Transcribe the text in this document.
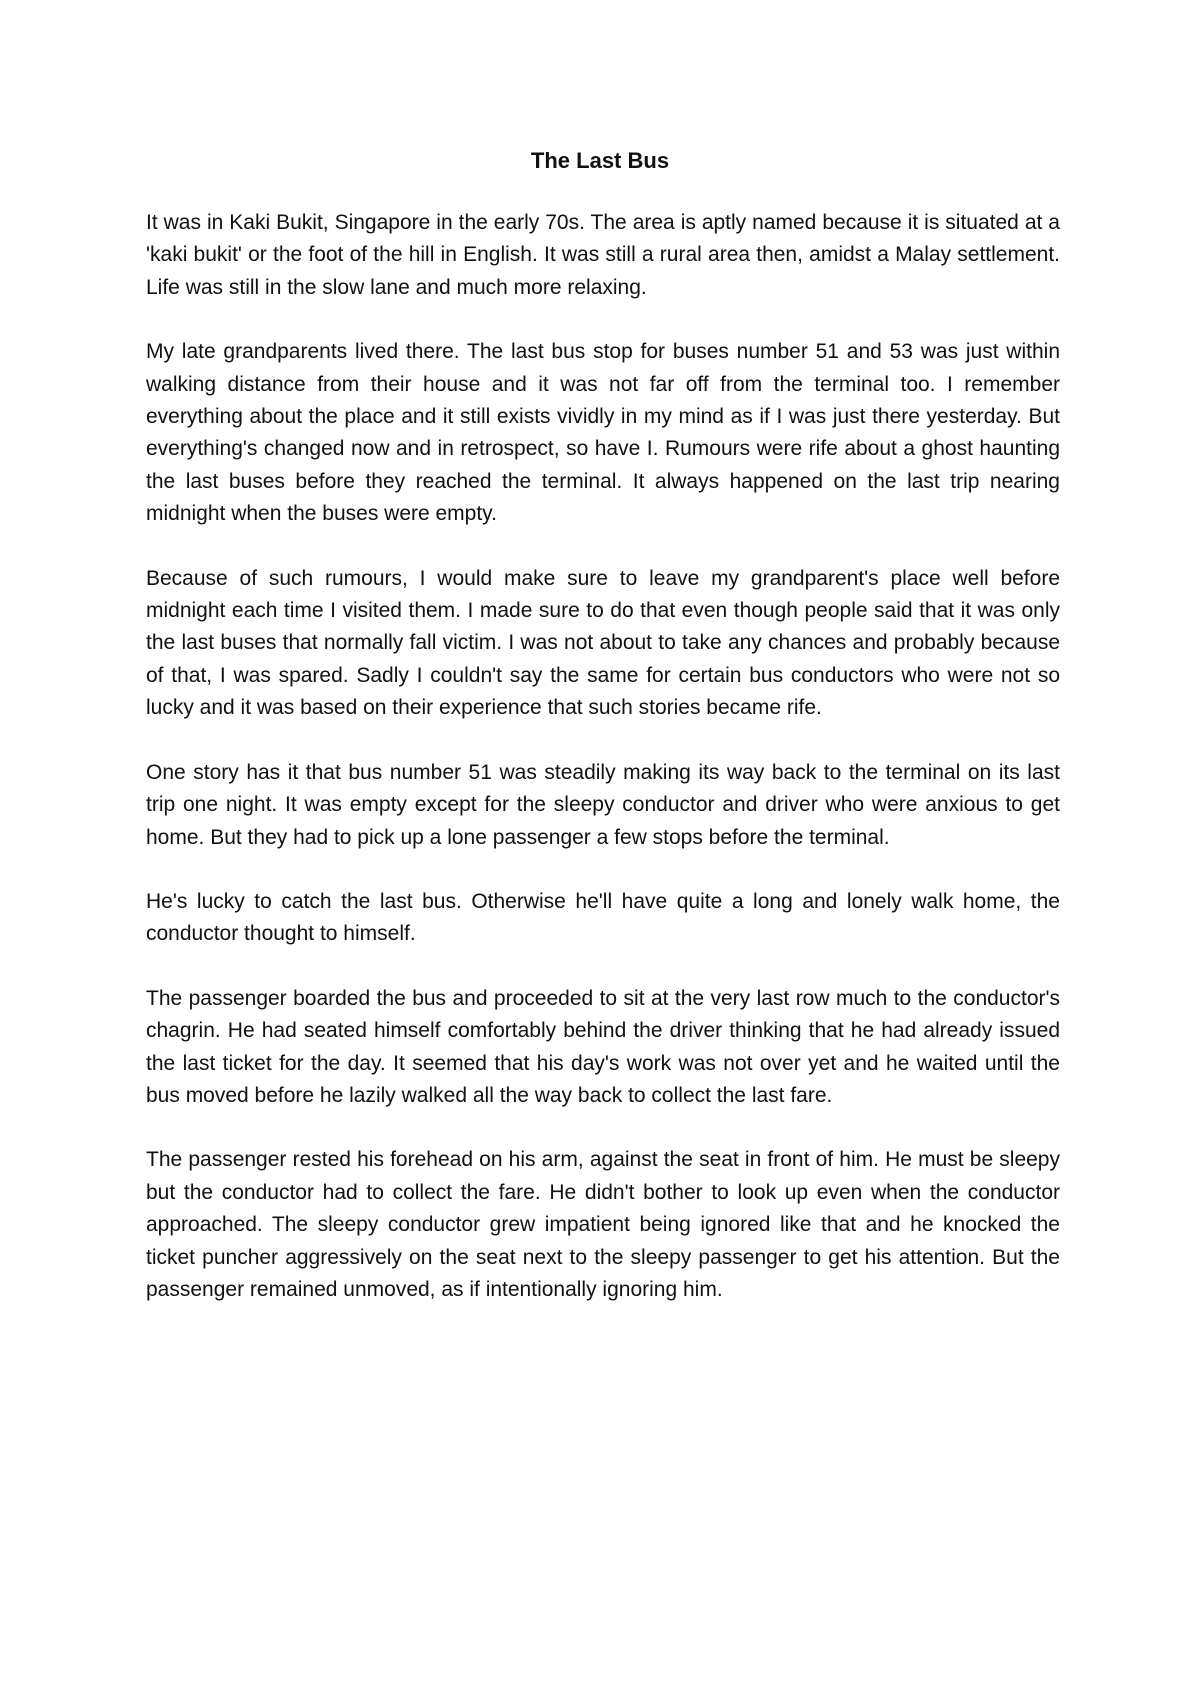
The Last Bus

It was in Kaki Bukit, Singapore in the early 70s. The area is aptly named because it is situated at a 'kaki bukit' or the foot of the hill in English. It was still a rural area then, amidst a Malay settlement. Life was still in the slow lane and much more relaxing.

My late grandparents lived there. The last bus stop for buses number 51 and 53 was just within walking distance from their house and it was not far off from the terminal too. I remember everything about the place and it still exists vividly in my mind as if I was just there yesterday. But everything's changed now and in retrospect, so have I. Rumours were rife about a ghost haunting the last buses before they reached the terminal. It always happened on the last trip nearing midnight when the buses were empty.

Because of such rumours, I would make sure to leave my grandparent's place well before midnight each time I visited them. I made sure to do that even though people said that it was only the last buses that normally fall victim. I was not about to take any chances and probably because of that, I was spared. Sadly I couldn't say the same for certain bus conductors who were not so lucky and it was based on their experience that such stories became rife.

One story has it that bus number 51 was steadily making its way back to the terminal on its last trip one night. It was empty except for the sleepy conductor and driver who were anxious to get home. But they had to pick up a lone passenger a few stops before the terminal.

He's lucky to catch the last bus. Otherwise he'll have quite a long and lonely walk home, the conductor thought to himself.

The passenger boarded the bus and proceeded to sit at the very last row much to the conductor's chagrin. He had seated himself comfortably behind the driver thinking that he had already issued the last ticket for the day. It seemed that his day's work was not over yet and he waited until the bus moved before he lazily walked all the way back to collect the last fare.

The passenger rested his forehead on his arm, against the seat in front of him. He must be sleepy but the conductor had to collect the fare. He didn't bother to look up even when the conductor approached. The sleepy conductor grew impatient being ignored like that and he knocked the ticket puncher aggressively on the seat next to the sleepy passenger to get his attention. But the passenger remained unmoved, as if intentionally ignoring him.
